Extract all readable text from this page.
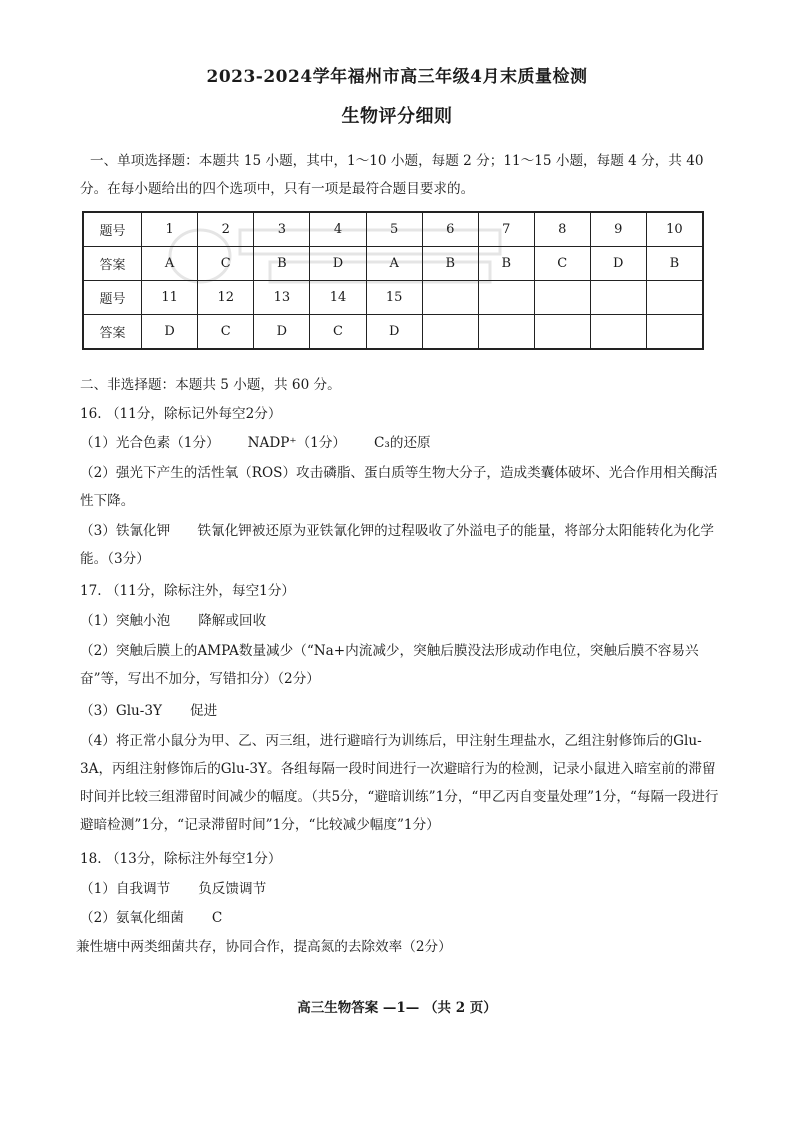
2023-2024学年福州市高三年级4月末质量检测
生物评分细则

一、单项选择题：本题共 15 小题，其中，1～10 小题，每题 2 分；11～15 小题，每题 4 分，共 40 分。在每小题给出的四个选项中，只有一项是最符合题目要求的。

题号	1	2	3	4	5	6	7	8	9	10
答案	A	C	B	D	A	B	B	C	D	B
题号	11	12	13	14	15					
答案	D	C	D	C	D					

二、非选择题：本题共 5 小题，共 60 分。

16. （11分，除标记外每空2分）

（1）光合色素（1分） NADP⁺（1分） C₃的还原

（2）强光下产生的活性氧（ROS）攻击磷脂、蛋白质等生物大分子，造成类囊体破坏、光合作用相关酶活性下降。

（3）铁氰化钾　　铁氰化钾被还原为亚铁氰化钾的过程吸收了外溢电子的能量，将部分太阳能转化为化学能。（3分）

17. （11分，除标注外，每空1分）

（1）突触小泡 降解或回收

（2）突触后膜上的AMPA数量减少（“Na+内流减少，突触后膜没法形成动作电位，突触后膜不容易兴奋”等，写出不加分，写错扣分）（2分）

（3）Glu-3Y 促进

（4）将正常小鼠分为甲、乙、丙三组，进行避暗行为训练后，甲注射生理盐水，乙组注射修饰后的Glu-3A，丙组注射修饰后的Glu-3Y。各组每隔一段时间进行一次避暗行为的检测，记录小鼠进入暗室前的滞留时间并比较三组滞留时间减少的幅度。（共5分，“避暗训练”1分，“甲乙丙自变量处理”1分，“每隔一段进行避暗检测”1分，“记录滞留时间”1分，“比较减少幅度”1分）

18. （13分，除标注外每空1分）

（1）自我调节 负反馈调节

（2）氨氧化细菌 C

兼性塘中两类细菌共存，协同合作，提高氮的去除效率（2分）

高三生物答案 —1— （共 2 页）
